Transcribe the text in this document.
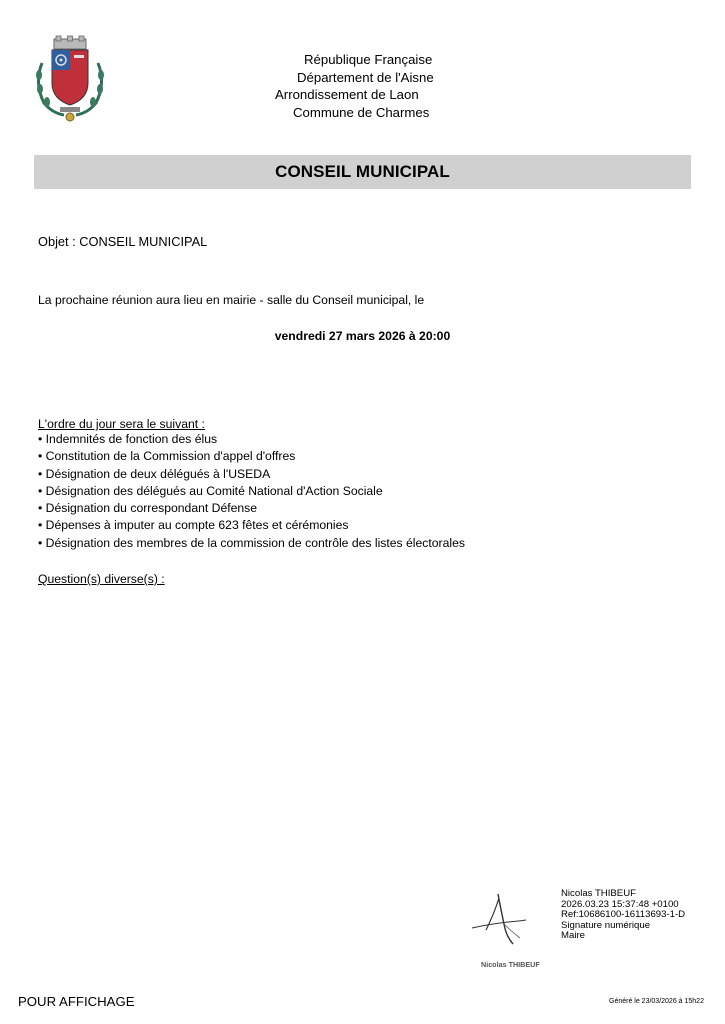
République Française
Département de l'Aisne
Arrondissement de Laon
Commune de Charmes
CONSEIL MUNICIPAL
Objet : CONSEIL MUNICIPAL
La prochaine réunion aura lieu en mairie - salle du Conseil municipal, le
vendredi 27 mars 2026 à 20:00
L'ordre du jour sera le suivant :
• Indemnités de fonction des élus
• Constitution de la Commission d'appel d'offres
• Désignation de deux délégués à l'USEDA
• Désignation des délégués au Comité National d'Action Sociale
• Désignation du correspondant Défense
• Dépenses à imputer au compte 623 fêtes et cérémonies
• Désignation des membres de la commission de contrôle des listes électorales
Question(s) diverse(s) :
Nicolas THIBEUF
Nicolas THIBEUF
2026.03.23 15:37:48 +0100
Ref:10686100-16113693-1-D
Signature numérique
Maire
POUR AFFICHAGE	Généré le 23/03/2026 à 15h22
